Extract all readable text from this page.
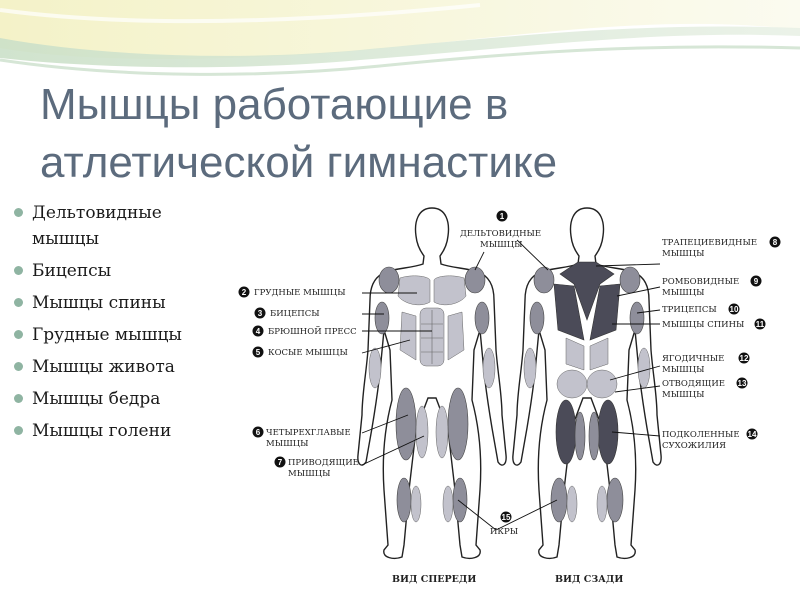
Мышцы работающие в
атлетической гимнастике
Дельтовидные мышцы
Бицепсы
Мышцы спины
Грудные мышцы
Мышцы живота
Мышцы бедра
Мышцы голени
1
ДЕЛЬТОВИДНЫЕ
МЫШЦЫ
2 ГРУДНЫЕ МЫШЦЫ
3 БИЦЕПСЫ
4 БРЮШНОЙ ПРЕСС
5 КОСЫЕ МЫШЦЫ
6 ЧЕТЫРЕХГЛАВЫЕ
МЫШЦЫ
7 ПРИВОДЯЩИЕ
МЫШЦЫ
8
ТРАПЕЦИЕВИДНЫЕ
МЫШЦЫ
9
РОМБОВИДНЫЕ
МЫШЦЫ
10
ТРИЦЕПСЫ
11
МЫШЦЫ СПИНЫ
12
ЯГОДИЧНЫЕ
МЫШЦЫ
13
ОТВОДЯЩИЕ
МЫШЦЫ
14
ПОДКОЛЕННЫЕ
СУХОЖИЛИЯ
15
ИКРЫ
ВИД СПЕРЕДИ	ВИД СЗАДИ
